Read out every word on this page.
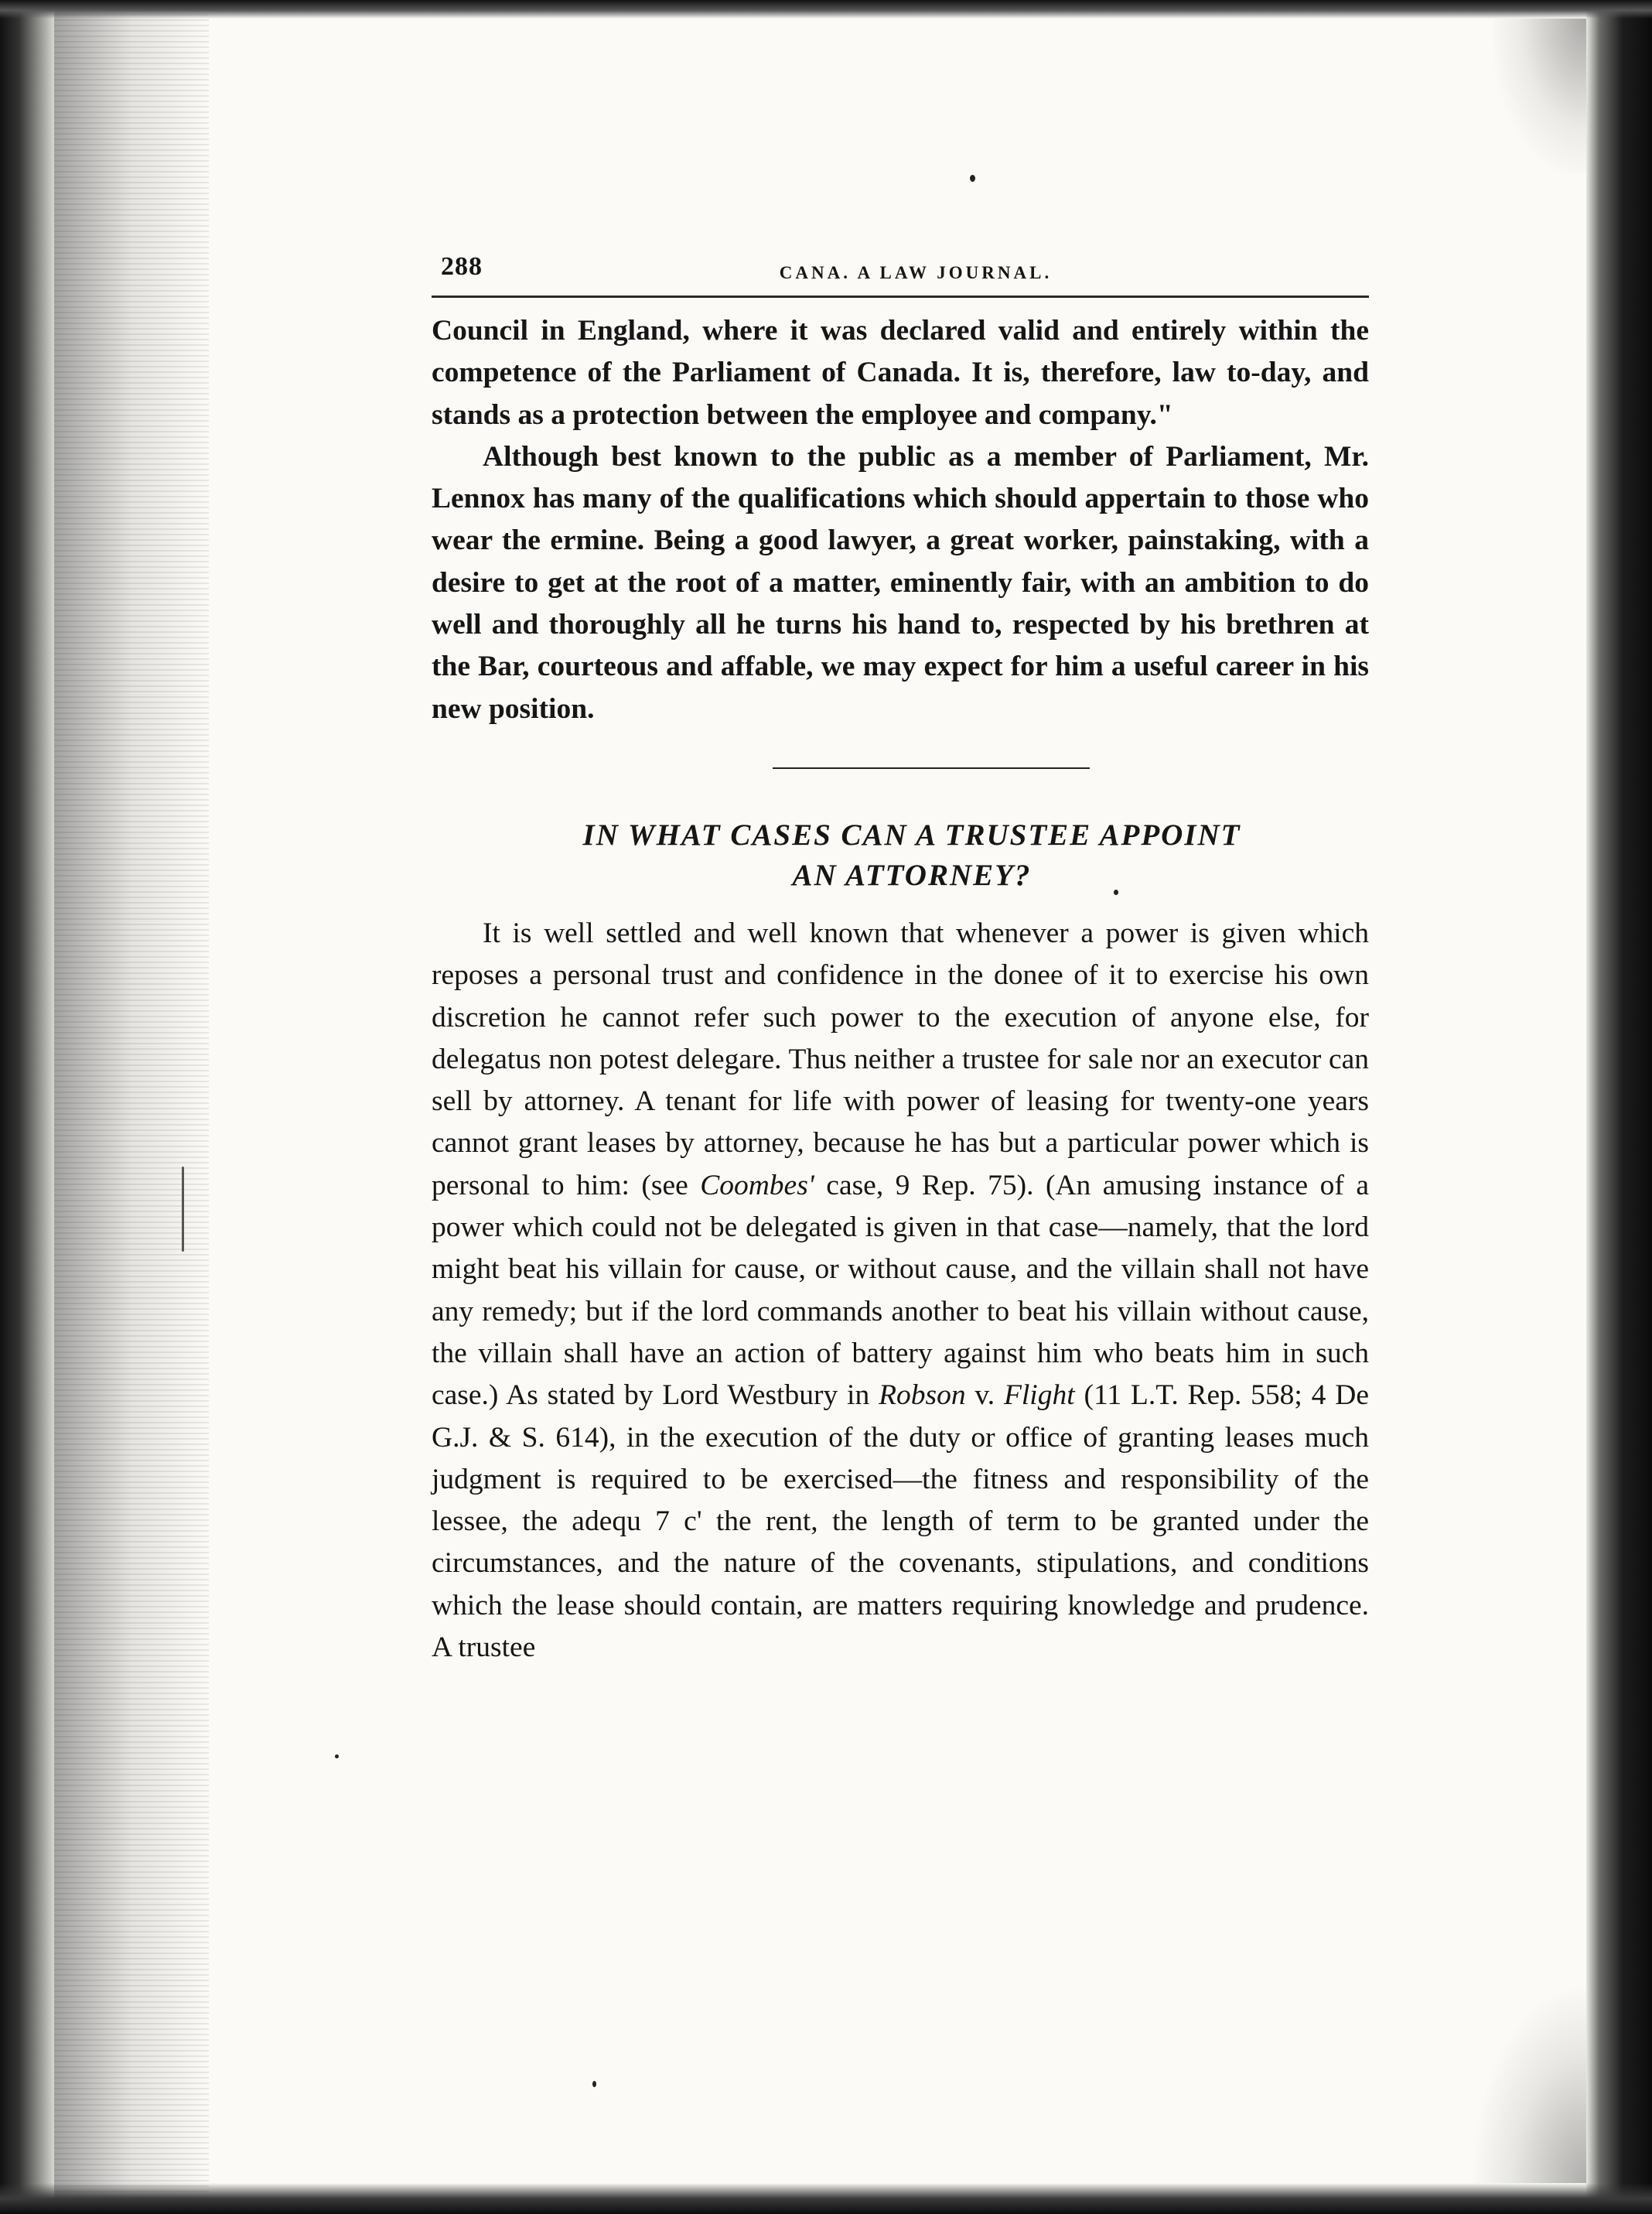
288	CANA. A LAW JOURNAL.

Council in England, where it was declared valid and entirely within the competence of the Parliament of Canada. It is, therefore, law to-day, and stands as a protection between the employee and company."

Although best known to the public as a member of Parliament, Mr. Lennox has many of the qualifications which should appertain to those who wear the ermine. Being a good lawyer, a great worker, painstaking, with a desire to get at the root of a matter, eminently fair, with an ambition to do well and thoroughly all he turns his hand to, respected by his brethren at the Bar, courteous and affable, we may expect for him a useful career in his new position.

IN WHAT CASES CAN A TRUSTEE APPOINT
AN ATTORNEY?

It is well settled and well known that whenever a power is given which reposes a personal trust and confidence in the donee of it to exercise his own discretion he cannot refer such power to the execution of anyone else, for delegatus non potest delegare. Thus neither a trustee for sale nor an executor can sell by attorney. A tenant for life with power of leasing for twenty-one years cannot grant leases by attorney, because he has but a particular power which is personal to him: (see Coombes' case, 9 Rep. 75). (An amusing instance of a power which could not be delegated is given in that case—namely, that the lord might beat his villain for cause, or without cause, and the villain shall not have any remedy; but if the lord commands another to beat his villain without cause, the villain shall have an action of battery against him who beats him in such case.) As stated by Lord Westbury in Robson v. Flight (11 L.T. Rep. 558; 4 De G.J. & S. 614), in the execution of the duty or office of granting leases much judgment is required to be exercised—the fitness and responsibility of the lessee, the adequ 7 c' the rent, the length of term to be granted under the circumstances, and the nature of the covenants, stipulations, and conditions which the lease should contain, are matters requiring knowledge and prudence. A trustee
